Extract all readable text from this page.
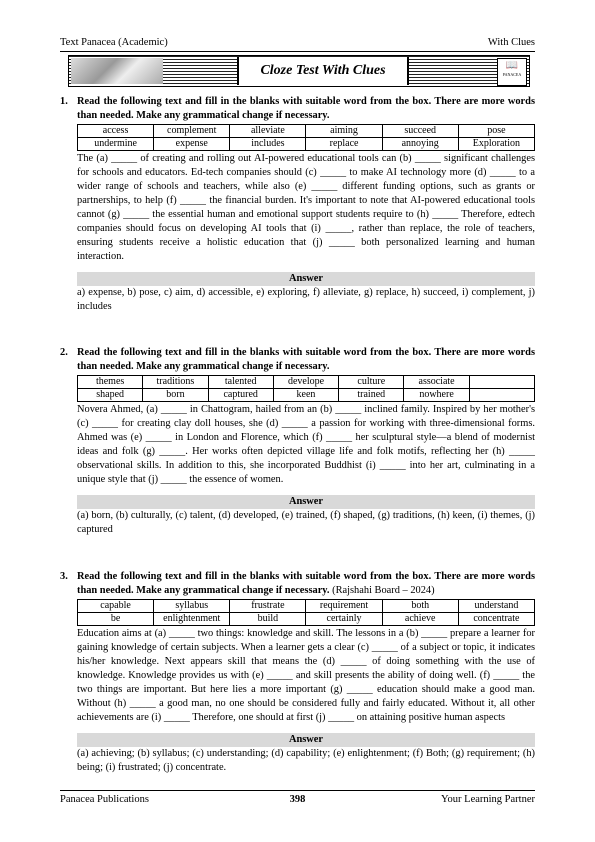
Text Panacea (Academic)	With Clues
Cloze Test With Clues	📖
PANACEA
1. Read the following text and fill in the blanks with suitable word from the box. There are more words than needed. Make any grammatical change if necessary.
access	complement	alleviate	aiming	succeed	pose
undermine	expense	includes	replace	annoying	Exploration
The (a) _____ of creating and rolling out AI-powered educational tools can (b) _____ significant challenges for schools and educators. Ed-tech companies should (c) _____ to make AI technology more (d) _____ to a wider range of schools and teachers, while also (e) _____ different funding options, such as grants or partnerships, to help (f) _____ the financial burden. It's important to note that AI-powered educational tools cannot (g) _____ the essential human and emotional support students require to (h) _____ Therefore, edtech companies should focus on developing AI tools that (i) _____, rather than replace, the role of teachers, ensuring students receive a holistic education that (j) _____ both personalized learning and human interaction.
Answer
a) expense, b) pose, c) aim, d) accessible, e) exploring, f) alleviate, g) replace, h) succeed, i) complement, j) includes
2. Read the following text and fill in the blanks with suitable word from the box. There are more words than needed. Make any grammatical change if necessary.
themes	traditions	talented	develope	culture	associate	
shaped	born	captured	keen	trained	nowhere	
Novera Ahmed, (a) _____ in Chattogram, hailed from an (b) _____ inclined family. Inspired by her mother's (c) _____ for creating clay doll houses, she (d) _____ a passion for working with three-dimensional forms. Ahmed was (e) _____ in London and Florence, which (f) _____ her sculptural style—a blend of modernist ideas and folk (g) _____. Her works often depicted village life and folk motifs, reflecting her (h) _____ observational skills. In addition to this, she incorporated Buddhist (i) _____ into her art, culminating in a unique style that (j) _____ the essence of women.
Answer
(a) born, (b) culturally, (c) talent, (d) developed, (e) trained, (f) shaped, (g) traditions, (h) keen, (i) themes, (j) captured
3. Read the following text and fill in the blanks with suitable word from the box. There are more words than needed. Make any grammatical change if necessary. (Rajshahi Board – 2024)
capable	syllabus	frustrate	requirement	both	understand
be	enlightenment	build	certainly	achieve	concentrate
Education aims at (a) _____ two things: knowledge and skill. The lessons in a (b) _____ prepare a learner for gaining knowledge of certain subjects. When a learner gets a clear (c) _____ of a subject or topic, it indicates his/her knowledge. Next appears skill that means the (d) _____ of doing something with the use of knowledge. Knowledge provides us with (e) _____ and skill presents the ability of doing well. (f) _____ the two things are important. But here lies a more important (g) _____ education should make a good man. Without (h) _____ a good man, no one should be considered fully and fairly educated. Without it, all other achievements are (i) _____ Therefore, one should at first (j) _____ on attaining positive human aspects
Answer
(a) achieving; (b) syllabus; (c) understanding; (d) capability; (e) enlightenment; (f) Both; (g) requirement; (h) being; (i) frustrated; (j) concentrate.
Panacea Publications	398	Your Learning Partner
